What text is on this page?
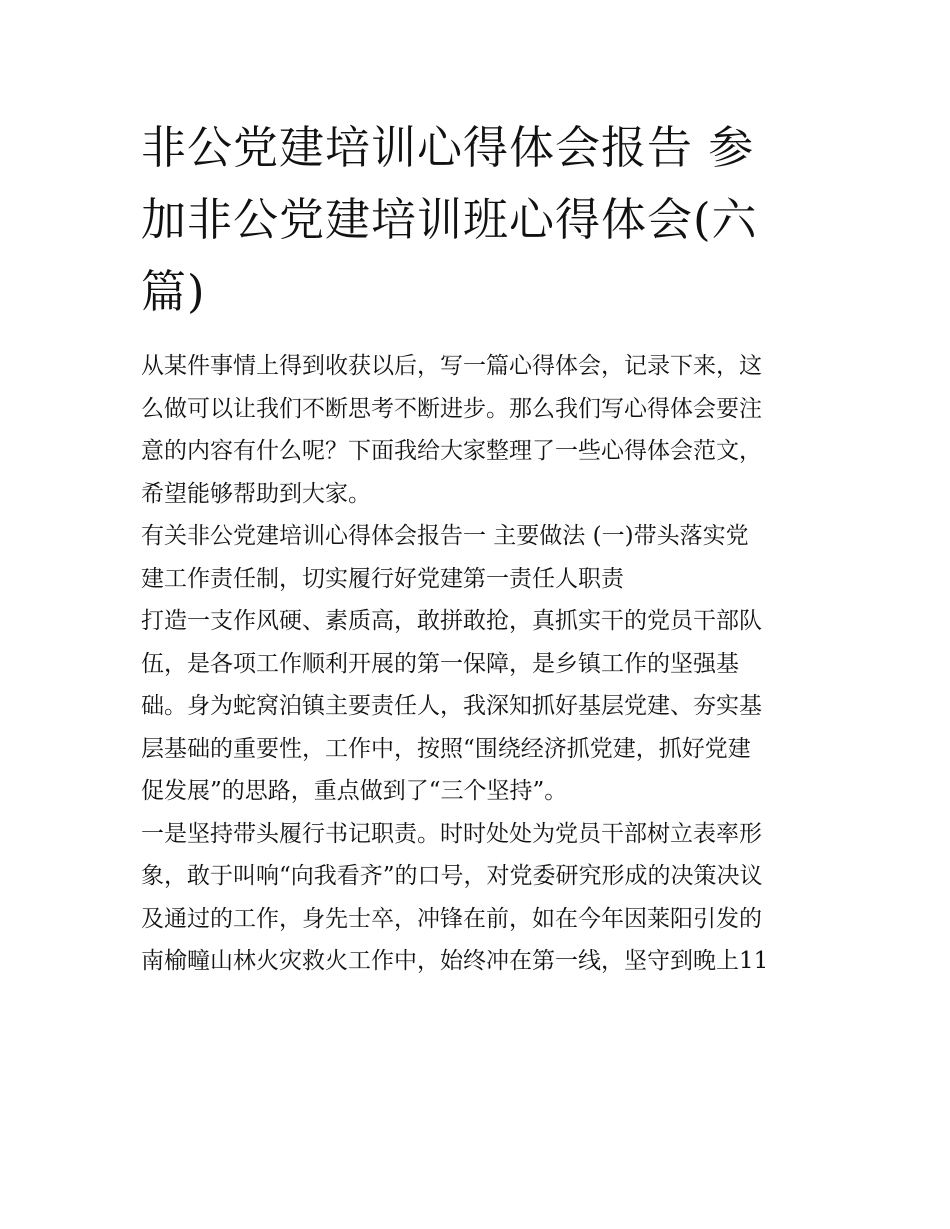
非公党建培训心得体会报告 参
加非公党建培训班心得体会(六
篇)

从某件事情上得到收获以后，写一篇心得体会，记录下来，这
么做可以让我们不断思考不断进步。那么我们写心得体会要注
意的内容有什么呢？下面我给大家整理了一些心得体会范文，
希望能够帮助到大家。

有关非公党建培训心得体会报告一 主要做法 (一)带头落实党
建工作责任制，切实履行好党建第一责任人职责

打造一支作风硬、素质高，敢拼敢抢，真抓实干的党员干部队
伍，是各项工作顺利开展的第一保障，是乡镇工作的坚强基
础。身为蛇窝泊镇主要责任人，我深知抓好基层党建、夯实基
层基础的重要性，工作中，按照“围绕经济抓党建，抓好党建
促发展”的思路，重点做到了“三个坚持”。

一是坚持带头履行书记职责。时时处处为党员干部树立表率形
象，敢于叫响“向我看齐”的口号，对党委研究形成的决策决议
及通过的工作，身先士卒，冲锋在前，如在今年因莱阳引发的
南榆疃山林火灾救火工作中，始终冲在第一线，坚守到晚上11
